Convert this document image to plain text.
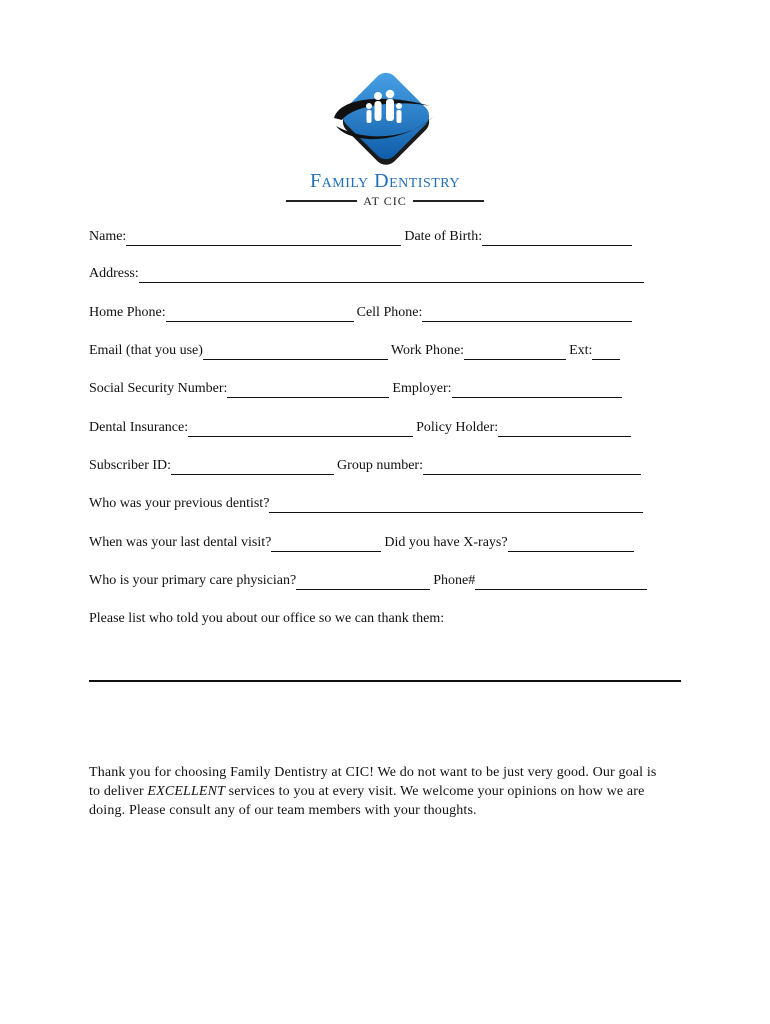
Family Dentistry
AT CIC
Name:	Date of Birth:
Address:
Home Phone:	Cell Phone:
Email (that you use)	Work Phone:	Ext:
Social Security Number:	Employer:
Dental Insurance:	Policy Holder:
Subscriber ID:	Group number:
Who was your previous dentist?
When was your last dental visit?	Did you have X-rays?
Who is your primary care physician?	Phone#
Please list who told you about our office so we can thank them:
Thank you for choosing Family Dentistry at CIC! We do not want to be just very good. Our goal is to deliver EXCELLENT services to you at every visit. We welcome your opinions on how we are doing. Please consult any of our team members with your thoughts.
